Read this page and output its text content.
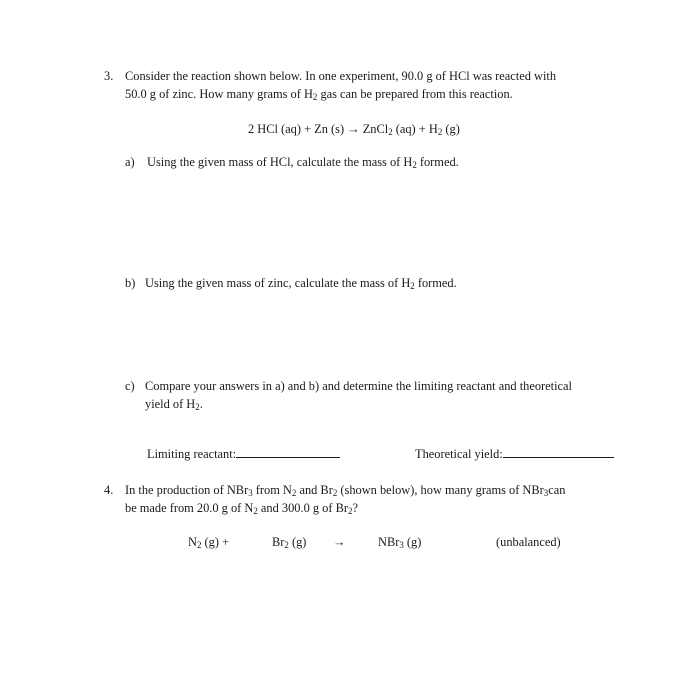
3. Consider the reaction shown below. In one experiment, 90.0 g of HCl was reacted with
50.0 g of zinc. How many grams of $H_2$ gas can be prepared from this reaction.
2 HCl (aq) + Zn (s) → ZnCl$_2$ $(aq) + H_2$ (g)
a) Using the given mass of HCl, calculate the mass of $H_2$ formed.
b) Using the given mass of zinc, calculate the mass of $H_2$ formed.
c) Compare your answers in a) and b) and determine the limiting reactant and theoretical
yield of $H_2$.
Limiting reactant:	Theoretical yield:
4. In the production of NBr$_3$ from $N_2$ and $Br_2$ (shown below), how many grams of NBr$_3$can
be made from 20.0 g of $N_2$ and 300.0 g of $Br_2$?
$N_2$ (g) +	$Br_2$ (g) →	NBr$_3$ (g)	(unbalanced)
